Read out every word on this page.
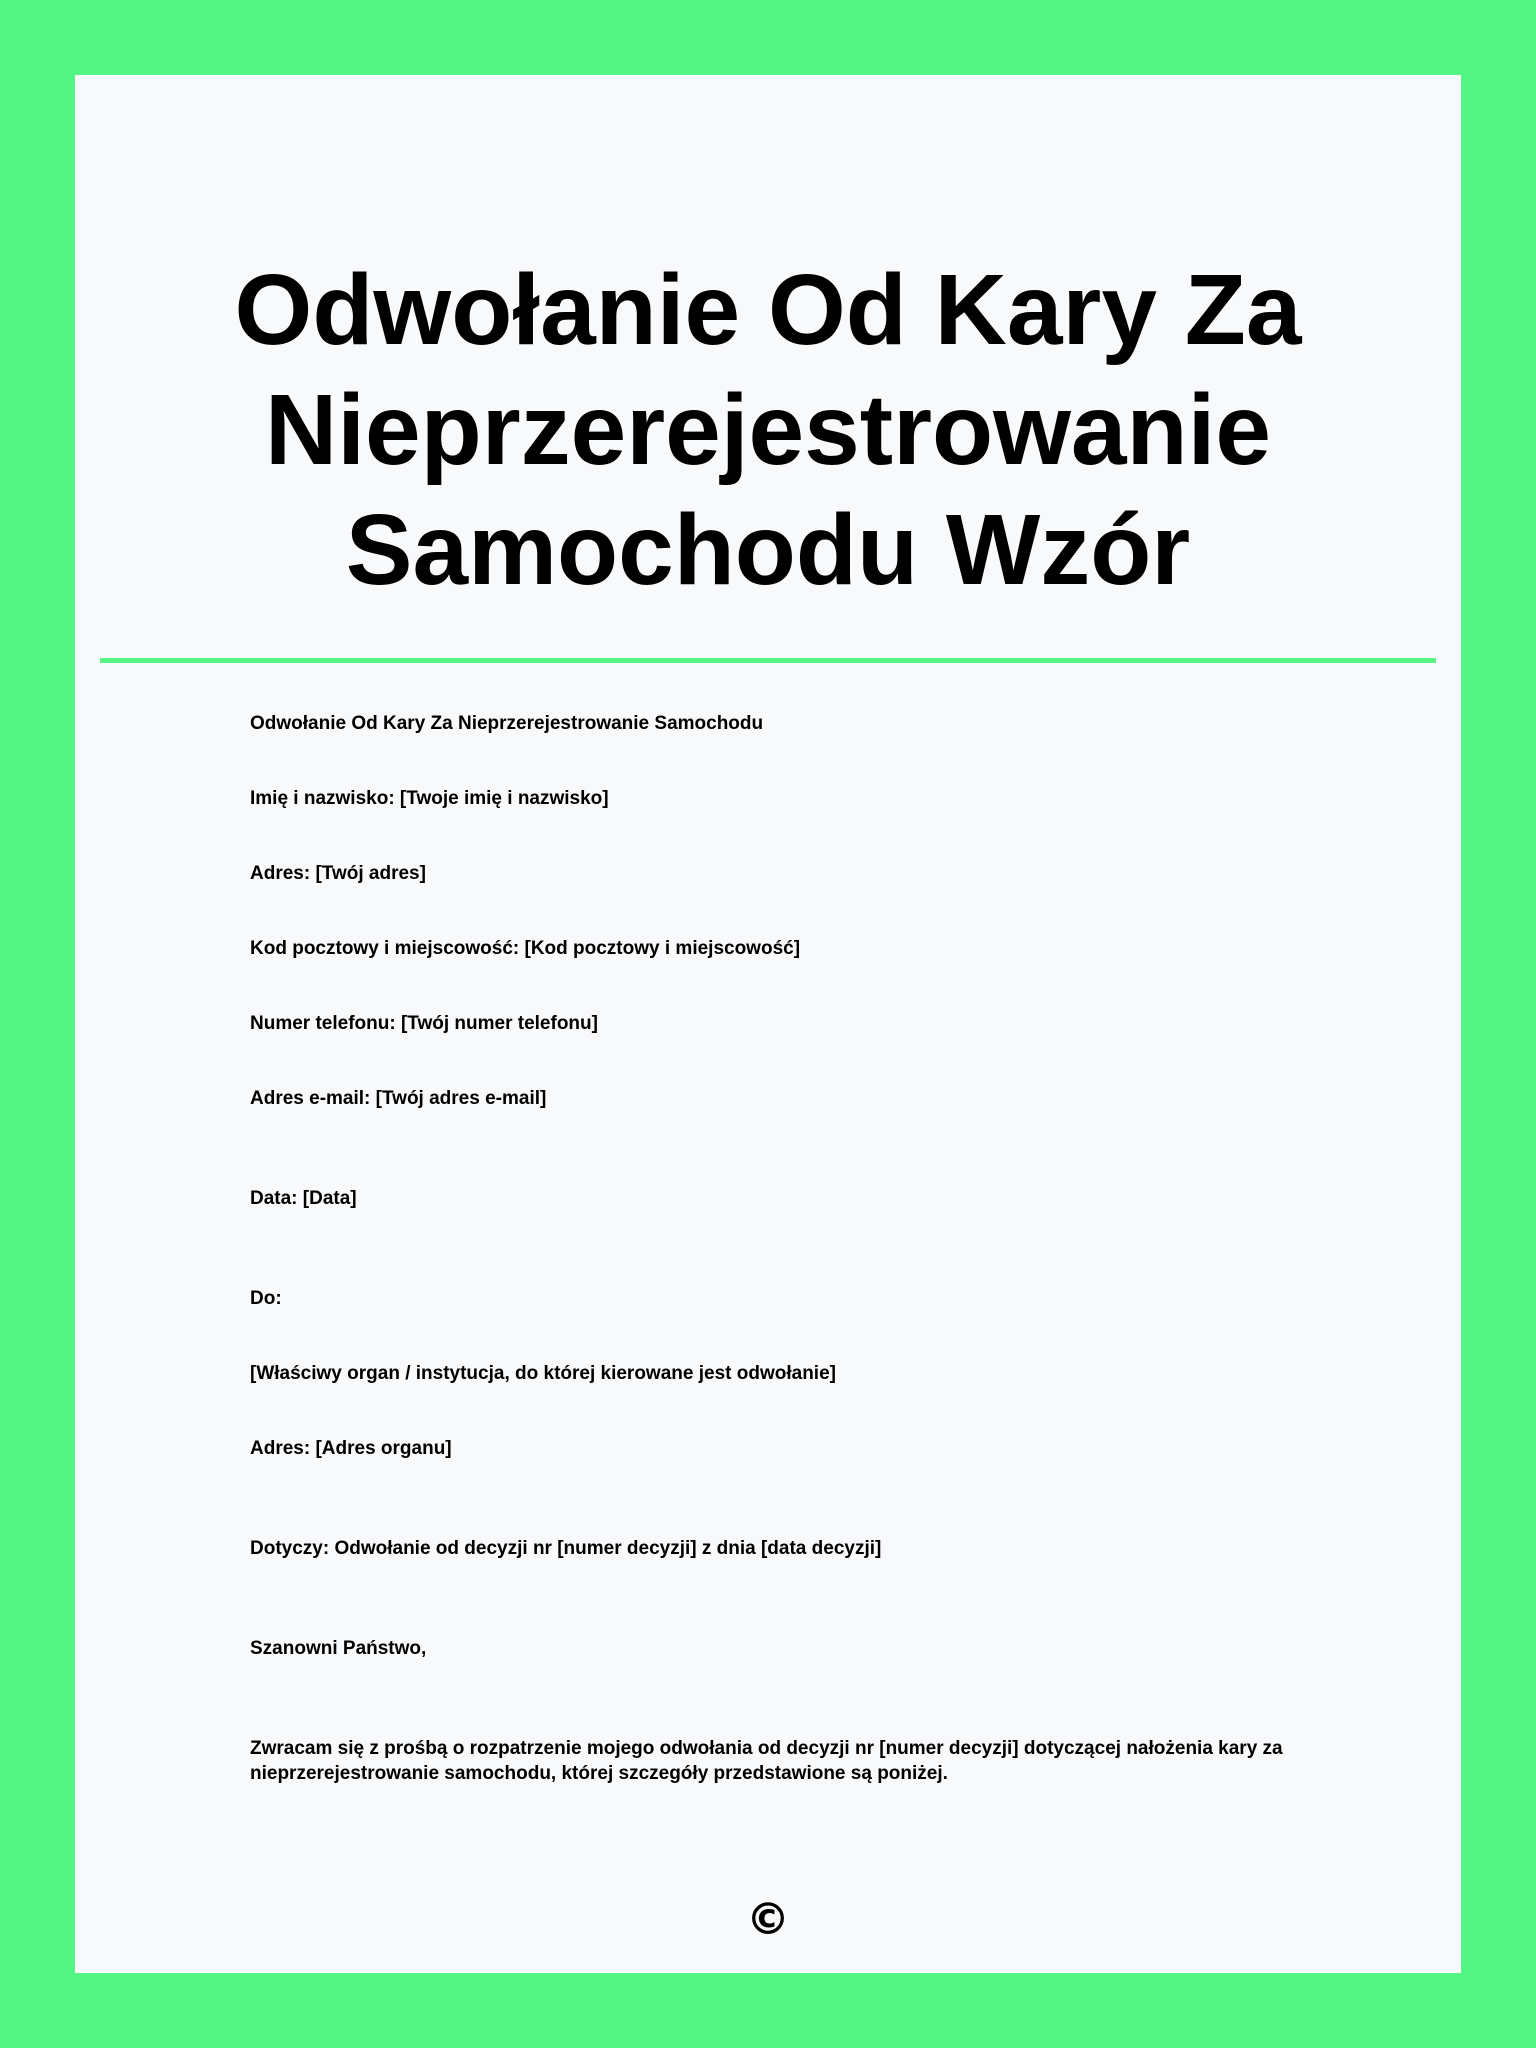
Odwołanie Od Kary Za Nieprzerejestrowanie Samochodu Wzór

Odwołanie Od Kary Za Nieprzerejestrowanie Samochodu

Imię i nazwisko: [Twoje imię i nazwisko]

Adres: [Twój adres]

Kod pocztowy i miejscowość: [Kod pocztowy i miejscowość]

Numer telefonu: [Twój numer telefonu]

Adres e-mail: [Twój adres e-mail]

Data: [Data]

Do:

[Właściwy organ / instytucja, do której kierowane jest odwołanie]

Adres: [Adres organu]

Dotyczy: Odwołanie od decyzji nr [numer decyzji] z dnia [data decyzji]

Szanowni Państwo,

Zwracam się z prośbą o rozpatrzenie mojego odwołania od decyzji nr [numer decyzji] dotyczącej nałożenia kary za nieprzerejestrowanie samochodu, której szczegóły przedstawione są poniżej.

©
